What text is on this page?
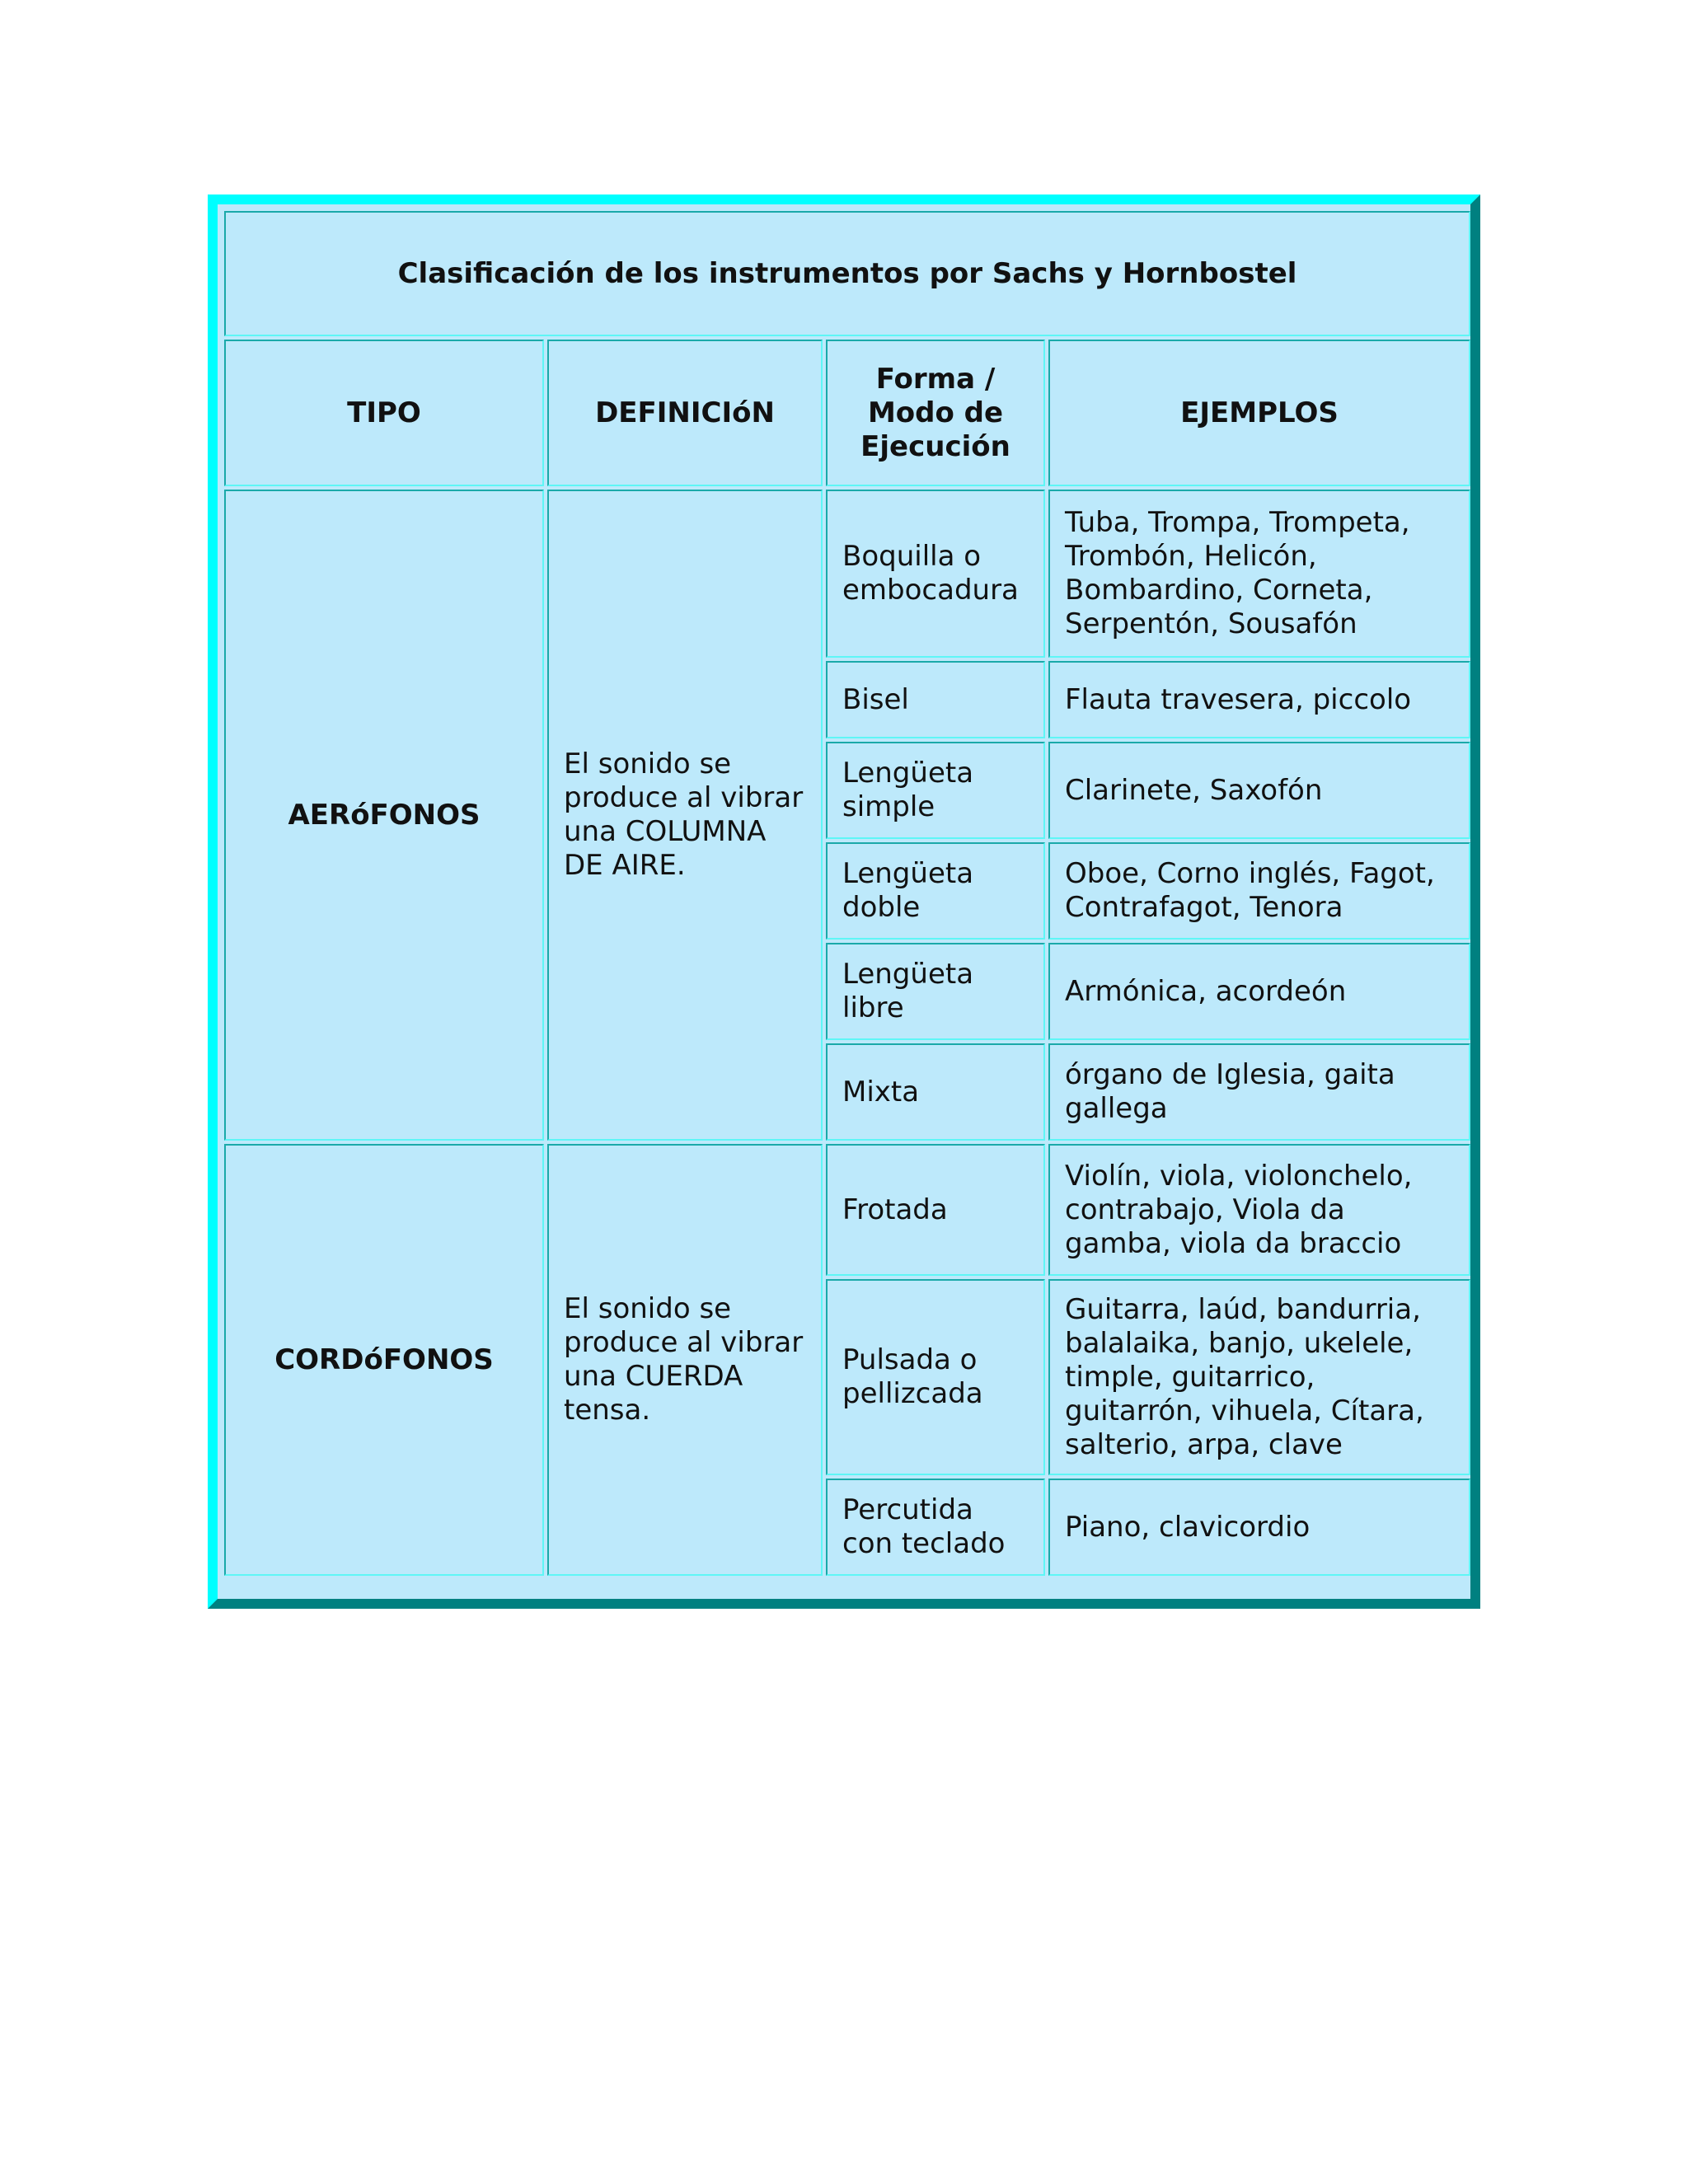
Clasificación de los instrumentos por Sachs y Hornbostel			
TIPO	DEFINICIóN	Forma / Modo de Ejecución	EJEMPLOS
AERóFONOS	El sonido se produce al vibrar una COLUMNA DE AIRE.	Boquilla o embocadura	Tuba, Trompa, Trompeta, Trombón, Helicón, Bombardino, Corneta, Serpentón, Sousafón
		Bisel	Flauta travesera, piccolo
		Lengüeta simple	Clarinete, Saxofón
		Lengüeta doble	Oboe, Corno inglés, Fagot, Contrafagot, Tenora
		Lengüeta libre	Armónica, acordeón
		Mixta	órgano de Iglesia, gaita gallega
CORDóFONOS	El sonido se produce al vibrar una CUERDA tensa.	Frotada	Violín, viola, violonchelo, contrabajo, Viola da gamba, viola da braccio
		Pulsada o pellizcada	Guitarra, laúd, bandurria, balalaika, banjo, ukelele, timple, guitarrico, guitarrón, vihuela, Cítara, salterio, arpa, clave
		Percutida con teclado	Piano, clavicordio
